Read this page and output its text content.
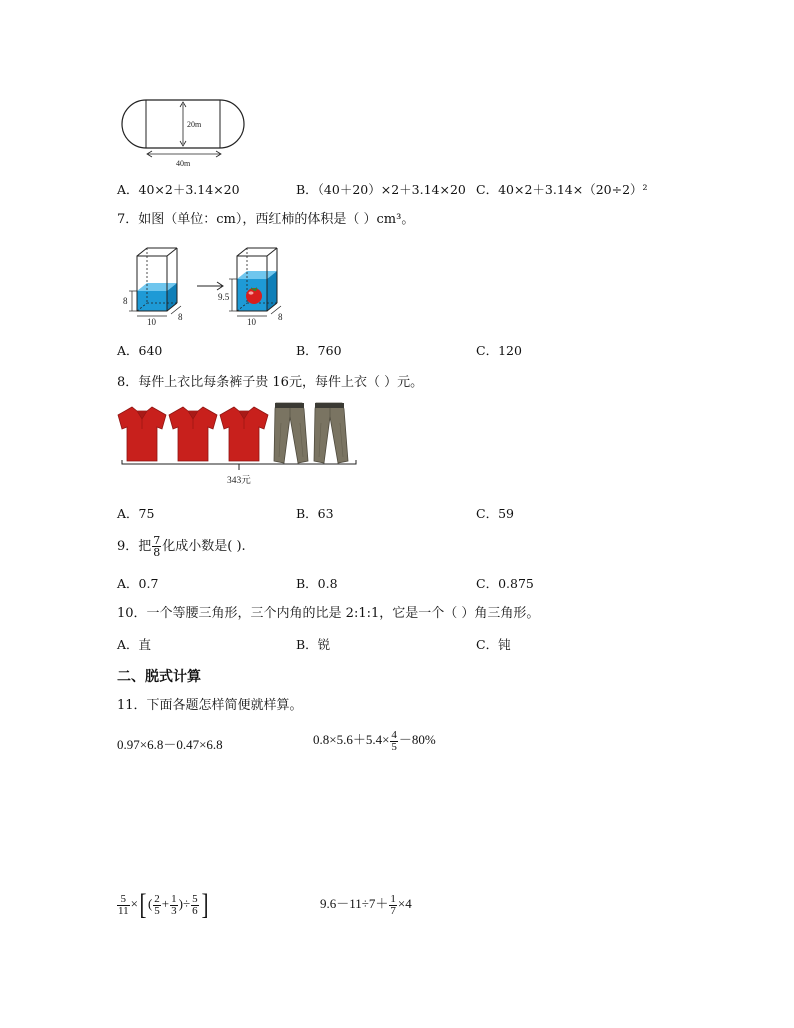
20m
40m
A．40×2＋3.14×20	B．（40＋20）×2＋3.14×20 C．40×2＋3.14×（20÷2）²
7．如图（单位：cm），西红柿的体积是（ ）cm³。
8
10 8
9.5
10 8
A．640	B．760	C．120
8．每件上衣比每条裤子贵 16元，每件上衣（ ）元。
343元
A．75	B．63	C．59
9．把 $\frac{7}{8}$ 化成小数是( ).
A．0.7	B．0.8	C．0.875
10．一个等腰三角形，三个内角的比是 2:1:1，它是一个（ ）角三角形。
A．直	B．锐	C．钝
二、脱式计算
11．下面各题怎样简便就样算。
0.97×6.8－0.47×6.8	$0.8\times 5.6+5.4\times \frac{4}{5} -80\%$
$\frac{5}{11}$ ×[ ( $\frac{2}{5} + \frac{1}{3}$ )÷ $\frac{5}{6}$ ]	$9.6-11\div 7+ \frac{1}{7} \times 4$
